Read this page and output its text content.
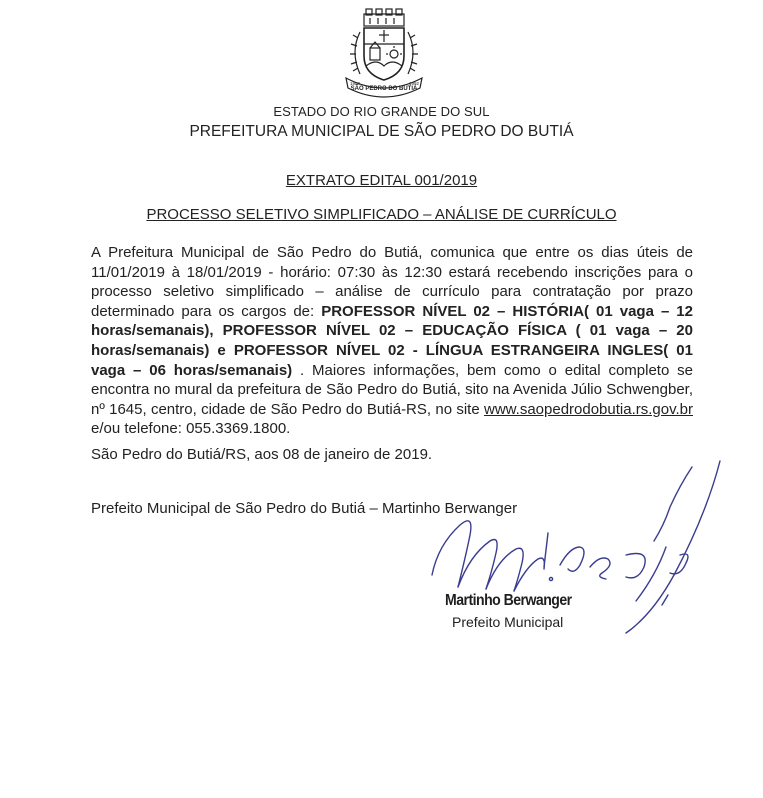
SÃO PEDRO DO BUTIÁ
1988	1992
ESTADO DO RIO GRANDE DO SUL
PREFEITURA MUNICIPAL DE SÃO PEDRO DO BUTIÁ
EXTRATO EDITAL 001/2019
PROCESSO SELETIVO SIMPLIFICADO – ANÁLISE DE CURRÍCULO
A Prefeitura Municipal de São Pedro do Butiá, comunica que entre os dias úteis de 11/01/2019 à 18/01/2019 - horário: 07:30 às 12:30 estará recebendo inscrições para o processo seletivo simplificado – análise de currículo para contratação por prazo determinado para os cargos de: PROFESSOR NÍVEL 02 – HISTÓRIA( 01 vaga – 12 horas/semanais), PROFESSOR NÍVEL 02 – EDUCAÇÃO FÍSICA ( 01 vaga – 20 horas/semanais) e PROFESSOR NÍVEL 02 - LÍNGUA ESTRANGEIRA INGLES( 01 vaga – 06 horas/semanais) . Maiores informações, bem como o edital completo se encontra no mural da prefeitura de São Pedro do Butiá, sito na Avenida Júlio Schwengber, nº 1645, centro, cidade de São Pedro do Butiá-RS, no site www.saopedrodobutia.rs.gov.br e/ou telefone: 055.3369.1800.
São Pedro do Butiá/RS, aos 08 de janeiro de 2019.
Prefeito Municipal de São Pedro do Butiá – Martinho Berwanger
Martinho Berwanger
Prefeito Municipal
